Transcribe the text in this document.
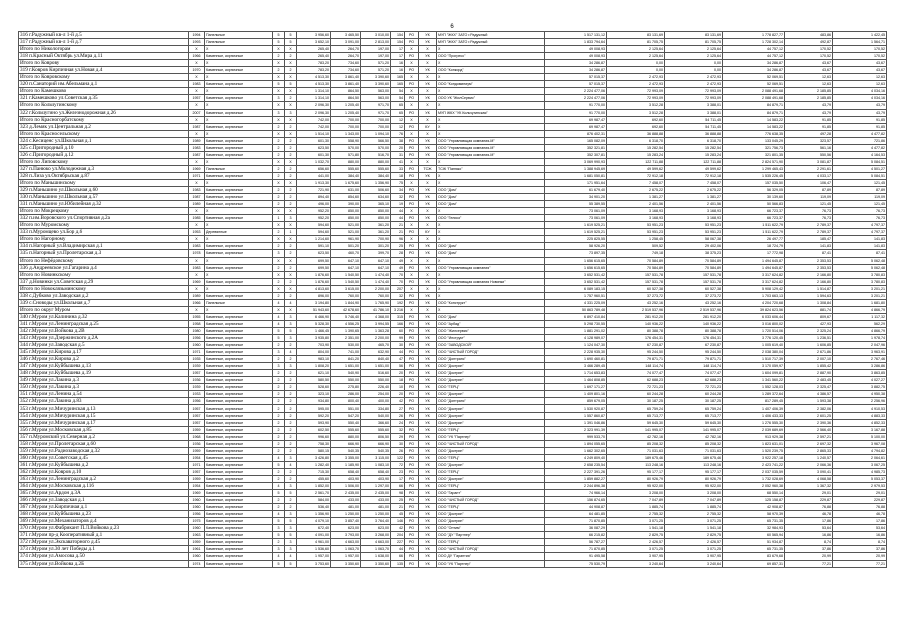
6
316 г.Радужный кв-л 1-й д.5	1994	Панельные	5	5	3 956,60	3 465,50	3 010,00	154	РО	УК	МУП "ЖКХ" ЗАТО г.Радужный	1 517 131,12	83 131,69	83 131,69	1 778 827,77	483,86	1 422,45
317 г.Радужный кв-л 1-й д.7	1993	Панельные	5	5	3 652,10	3 091,00	2 813,00	154	РО	УК	МУП "ЖКХ" ЗАТО г.Радужный	1 833 794,64	81 705,75	81 705,75	1 728 302,14	492,87	1 564,71
Итого по Никологорам	X	X	X	X	265,40	264,70	197,00	17	X	X	X	49 008,93	2 125,64	2 125,64	44 757,12	170,52	170,52
318 п.Красный Октябрь ул.Мира д.11	1966	Каменные, кирпичные	2	2	265,40	264,70	197,00	17	РО	УК	ООО "Прогресс"	49 008,93	2 125,64	2 125,64	44 757,12	170,52	170,52
Итого по Коврову	X	X	X	X	783,20	734,60	571,20	16	X	X	X	34 286,87	0,00	0,00	34 286,87	43,67	43,67
319 г.Ковров Кирпичная ул.Новая д.4	1970	Каменные, кирпичные	2	2	783,20	734,60	571,20	16	РО	УК	ООО "Конкорд"	34 286,87	0,00	0,00	34 286,87	43,67	43,67
Итого по Ковровскому	X	X	X	X	4 513,30	3 861,40	3 390,60	165	X	X	X	57 015,37	2 472,93	2 472,93	52 069,51	12,63	12,63
320 п.Санаторий им.Абельмана д.1	1983	Каменные, кирпичные	5	5	4 513,30	3 861,40	3 390,60	165	РО	УК	ООО "Кондоминиум"	57 015,37	2 472,93	2 472,93	52 069,51	12,63	12,63
Итого по Камешково	X	X	X	X	1 314,10	864,50	563,00	54	X	X	X	2 224 477,06	72 993,09	72 993,09	2 088 491,68	2 185,85	4 034,16
321 г.Камешково ул.Советская д.35	1957	Каменные, кирпичные	3	2	1 314,10	864,50	563,00	54	РО	УК	ООО УК "ЖилСервис"	2 224 477,06	72 993,09	72 993,09	2 088 491,68	2 185,85	4 034,16
Итого по Кольчугинскому	X	X	X	X	2 096,30	1 205,40	971,70	65	X	X	X	91 770,00	3 512,28	3 388,01	84 879,71	43,79	43,79
322 г.Кольчугино ул.Железнодорожная д.26	2007	Каменные, кирпичные	3	3	2 096,30	1 205,40	971,70	65	РО	УК	МУП ЖКХ "УК Кольчугинская"	91 770,00	3 512,28	3 388,01	84 879,71	43,79	43,79
Итого по Красногорбатскому	X	X	X	X	742,00	700,00	700,00	12	X	X	X	69 987,47	692,60	54 711,45	14 583,22	91,85	91,85
323 д.Лемяк ул.Центральная д.2	1987	Каменные, кирпичные	2	2	742,00	700,00	700,00	12	РО	КУ	X	69 987,47	692,60	54 711,45	14 583,22	91,85	91,85
Итого по Красносельскому	X	X	X	X	1 514,10	1 343,00	1 094,10	76	X	X	X	876 402,31	36 888,88	36 888,88	776 638,35	497,28	4 477,82
324 с.Кесиценс ул.Школьная д.1	1989	Каменные, кирпичные	2	2	601,30	558,90	566,50	38	РО	УК	ООО "Управляющая компания-М"	165 082,09	6 318,70	6 318,70	133 045,29	323,57	721,86
325 с.Пригородный д.10	1983	Каменные, кирпичные	2	2	623,50	570,00	570,00	20	РО	УК	ООО "Управляющая компания-М"	352 321,81	15 282,54	15 282,54	321 756,73	561,16	4 477,82
326 с.Пригородный д.12	1987	Каменные, кирпичные	2	2	601,30	571,80	516,70	31	РО	УК	ООО "Управляющая компания-М"	352 307,81	15 283,24	15 283,24	321 801,35	550,56	4 164,53
Итого по Липовскому	X	X	X	X	1 032,70	880,00	880,00	41	X	X	X	3 069 990,93	122 711,88	122 711,88	2 824 571,90	3 081,87	5 084,51
327 п.Панюко ул.Молодежная д.3	1969	Панельные	2	2	656,60	555,60	555,60	33	РО	ТСЖ	ТСЖ "Панюко"	1 388 945,69	49 599,62	49 599,62	1 299 465,43	2 291,61	4 501,27
328 п.Лиза ул.Октябрьская д.87	1971	Каменные, кирпичные	2	2	441,00	384,40	384,40	18	РО	УК	X	1 681 050,81	72 912,18	72 912,18	1 535 226,45	4 033,17	5 084,51
Итого по Маньшинскому	X	X	X	X	1 913,30	1 675,60	1 356,90	75	X	X	X	171 951,64	7 458,07	7 458,07	157 035,50	106,47	121,45
329 п.Маньшино ул.Школьная д.60	1983	Каменные, кирпичные	2	2	721,90	631,00	506,60	34	РО	УК	ООО "Дом"	61 679,40	2 675,22	2 675,22	56 329,05	87,89	87,89
330 п.Маньшино ул.Школьная д.57	1987	Каменные, кирпичные	2	2	894,40	854,60	634,60	32	РО	УК	ООО "Дом"	34 901,20	1 381,27	1 381,27	30 139,60	119,09	119,09
331 п.Маньшино ул.Юбилейная д.32	1989	Каменные, кирпичные	2	2	496,00	390,00	365,10	19	РО	УК	ООО "Дом"	55 389,55	2 401,56	2 401,56	50 566,83	121,45	121,45
Итого по Мокрецкому	X	X	X	X	952,20	850,00	850,00	44	X	X	X	73 061,09	3 168,93	3 168,93	66 723,37	76,73	76,73
332 п.им.Воровского ул.Спортивная д.2а	1985	Каменные, кирпичные	1	3	952,20	850,00	850,00	44	РО	УК	ООО "Гелиоз"	73 061,09	3 168,93	3 168,93	66 723,37	76,73	76,73
Итого по Муромскому	X	X	X	X	594,60	521,00	361,20	21	X	X	X	1 619 525,21	53 951,23	53 951,23	1 511 622,79	2 789,37	4 797,37
333 п.Муромцево ул.Бор д.6	1953	Деревянные	2	1	594,60	521,00	361,20	21	РО	КУ	X	1 619 525,21	53 951,23	53 951,23	1 511 622,79	2 789,37	4 797,37
Итого по Нагорному	X	X	X	X	1 214,60	961,90	700,90	96	X	X	X	225 825,55	1 258,45	58 067,38	26 497,77	185,47	141,83
334 п.Нагорный ул.Владимирская д.1	1983	Каменные, кирпичные	2	2	591,10	501,20	301,20	25	РО	УК	ООО "Дом"	58 926,20	509,52	29 402,06	18 724,79	141,83	141,83
335 п.Нагорный ул.Пролетарская д.3	1978	Каменные, кирпичные	3	2	623,50	460,70	399,70	28	РО	УК	ООО "Дом"	73 897,35	749,18	38 375,23	17 772,98	87,41	87,41
Итого по Нефёдовскому	X	X	X	X	699,50	647,10	647,10	49	X	X	X	1 656 615,65	70 584,89	70 584,89	1 494 645,87	2 353,53	5 062,48
336 д.Андреевское ул.Гагарина д.4	1983	Каменные, кирпичные	2	2	699,50	647,10	647,10	49	РО	УК	ООО "Управляющая компания"	1 656 615,65	70 584,89	70 584,89	1 494 645,87	2 353,53	5 062,48
Итого по Новинкскому	X	X	X	X	1 876,60	1 540,50	1 474,40	70	X	X	X	3 652 531,42	157 531,78	157 531,78	3 317 624,82	2 166,80	3 780,83
337 д.Новинки ул.Советская д.29	1969	Каменные, кирпичные	2	2	1 876,60	1 540,50	1 474,40	70	РО	УК	ООО "Управляющая компания Новинки"	3 652 531,42	157 531,78	157 531,78	3 317 624,82	2 166,80	3 780,83
Итого по Новоклязьминскому	X	X	X	X	4 813,60	3 615,00	2 200,00	207	X	X	X	6 089 183,15	60 527,38	60 527,38	5 908 129,42	1 514,87	3 201,21
338 с.Дубково ул.Заводская д.2	1989	Каменные, кирпичные	2	2	896,00	760,00	760,00	32	РО	УК	X	1 757 960,51	37 273,72	37 273,72	1 703 663,13	1 594,63	3 201,21
339 с.Сноводы ул.Школьная д.7	1966	Панельные	4	4	3 194,80	1 844,90	1 765,90	192	РО	УК	ООО "Конструкт"	4 331 225,09	43 252,16	43 252,16	4 204 720,68	1 308,84	1 681,80
Итого по округ Муром	X	X	X	X	51 943,60	42 678,60	41 786,10	3 216	X	X	X	50 863 789,48	2 519 537,96	2 519 537,96	39 824 623,56	881,74	4 866,79
340 г.Муром ул.Калинина д.32	1955	Каменные, кирпичные	4	3	6 466,90	5 746,40	4 368,00	315	РО	УК	ООО "Дом"	6 897 410,84	281 912,20	281 912,20	6 033 606,44	809,67	1 117,32
341 г.Муром ул.Ленинградская д.25	1958	Каменные, кирпичные	4	3	5 328,30	4 556,25	3 994,55	166	РО	УК	ООО "Арбад"	5 298 730,55	140 936,22	140 936,22	3 016 800,02	427,93	562,29
342 г.Муром ул.Войкова д.2В	1980	Каменные, кирпичные	5	5	1 466,45	1 390,65	1 363,28	60	РО	УК	ООО "Жилсервис"	1 881 291,02	80 388,78	80 388,78	1 720 514,06	2 325,24	4 866,79
343 г.Муром ул.Дзержинского д.2А	1956	Каменные, кирпичные	5	3	3 935,80	2 351,00	2 200,00	99	РО	УК	ООО "Инструкт"	4 128 989,07	176 454,31	176 454,31	3 776 120,45	1 236,51	1 978,74
344 г.Муром ул.Заводская д.5	1960	Каменные, кирпичные	2	2	703,90	530,00	465,70	30	РО	УК	ООО "ЗАВОДСКОЙ"	1 124 047,30	67 230,87	67 230,87	1 005 619,40	1 606,85	2 047,96
345 г.Муром ул.Кирова д.17	1971	Каменные, кирпичные	3	4	804,00	741,00	632,90	44	РО	УК	ООО "ЧИСТЫЙ ГОРОД"	2 228 935,30	95 244,50	95 244,50	2 038 380,04	2 671,86	3 963,91
346 г.Муром ул.Кирова д.2	1935	Каменные, кирпичные	2	2	983,10	841,20	840,40	47	РО	УК	ООО "Донтранс"	1 690 460,81	79 871,71	79 871,71	1 510 717,39	2 007,10	2 767,46
347 г.Муром ул.Куйбышева д.13	1939	Каменные, кирпичные	3	3	1 808,20	1 651,00	1 651,00	56	РО	УК	ООО "Доктрин"	3 466 289,45	148 114,74	148 114,74	3 170 059,97	1 855,42	3 286,86
348 г.Муром ул.Куйбышева д.19	1957	Каменные, кирпичные	2	2	621,10	540,90	516,60	20	РО	УК	ООО "Доктрин"	1 714 653,83	74 077,47	74 077,47	1 604 099,81	2 887,90	3 863,85
349 г.Муром ул.Лакина д.3	1936	Каменные, кирпичные	2	2	580,50	550,00	550,00	18	РО	УК	ООО "Доктрин"	1 464 808,85	62 688,23	62 688,23	1 341 560,22	2 483,45	4 027,27
350 г.Муром ул.Лакина д.3	1939	Каменные, кирпичные	2	2	528,60	275,80	226,40	10	РО	УК	ООО "ГЕРЦ"	1 697 171,27	72 721,23	72 721,23	1 552 128,03	2 325,47	3 882,75
351 г.Муром ул.Ленина д.54	1933	Каменные, кирпичные	2	2	323,10	286,00	254,00	20	РО	УК	ООО "Доктрин"	1 409 801,16	60 244,28	60 244,28	1 289 372,64	4 386,57	4 950,38
352 г.Муром ул.Лакина д.83	1956	Каменные, кирпичные	2	2	934,80	800,40	400,00	42	РО	УК	ООО "Донтранс"	859 679,05	30 187,25	30 187,25	817 289,45	1 593,38	2 256,96
353 г.Муром ул.Мичуринская д.13	1957	Каменные, кирпичные	2	2	595,00	551,00	334,80	27	РО	УК	ООО "Доктрин"	1 530 920,87	65 759,24	65 759,24	1 407 406,39	2 382,06	4 910,53
354 г.Муром ул.Мичуринская д.15	1957	Каменные, кирпичные	2	2	592,20	547,20	540,00	26	РО	УК	ООО "Доктрин"	1 557 860,87	65 713,77	65 713,77	1 406 433,33	2 601,25	4 883,33
355 г.Муром ул.Мичуринская д.17	1957	Каменные, кирпичные	2	2	593,90	550,40	366,60	24	РО	УК	ООО "Доктрин"	1 391 046,86	59 645,30	59 645,30	1 276 555,30	2 390,36	4 852,33
356 г.Муром ул.Московская д.85	1959	Каменные, кирпичные	2	2	602,50	555,60	555,60	32	РО	УК	ООО "ГЕРЦ"	2 323 991,39	141 995,07	141 995,07	2 039 689,69	2 566,40	3 167,88
357 п.Муромский ул.Северная д.2	1968	Каменные, кирпичные	2	2	996,60	880,00	806,50	29	РО	УК	ООО "УК "Партнер"	999 533,70	42 782,16	42 782,16	913 929,38	2 597,21	5 100,00
358 г.Муром ул.Пролетарская д.60	1936	Каменные, кирпичные	2	2	758,30	666,90	666,90	30	РО	УК	ООО "ЧИСТЫЙ ГОРОД"	1 894 055,65	85 208,32	85 208,32	1 823 631,01	2 697,32	3 967,08
359 г.Муром ул.Радиозаводская д.32	1959	Каменные, кирпичные	2	2	580,15	540,35	540,35	26	РО	УК	ООО "Доктрин"	1 662 302,65	71 031,63	71 031,63	1 520 239,75	2 865,33	4 794,82
360 г.Муром ул.Советская д.45	1954	Каменные, кирпичные	4	3	3 426,80	3 355,00	3 115,00	122	РО	УК	ООО "ГЕРЦ"	4 249 809,40	189 675,46	189 675,46	3 922 257,18	1 240,57	2 064,61
361 г.Муром ул.Куйбышева д.2	1971	Каменные, кирпичные	5	4	1 282,40	1 185,90	1 083,10	72	РО	УК	ООО "Доктрин"	2 658 235,54	113 248,16	113 248,16	2 423 741,22	2 066,36	3 067,25
362 г.Муром ул.Ковров д.10	1957	Каменные, кирпичные	2	2	715,30	658,40	658,40	23	РО	УК	ООО "ГЕРЦ"	2 227 391,26	95 177,17	95 177,17	2 037 035,59	3 090,41	4 985,73
363 г.Муром ул.Ленинградская д.2	1959	Каменные, кирпичные	2	2	455,60	403,90	403,90	17	РО	УК	ООО "Доктрин"	1 859 882,27	80 926,79	80 926,79	1 732 028,69	4 068,58	5 053,37
364 г.Муром ул.Московская д.116	1954	Каменные, кирпичные	4	3	1 852,00	1 506,00	1 297,00	66	РО	УК	ООО "ГЕРЦ"	2 244 896,38	95 922,00	95 922,00	2 052 960,38	1 367,32	2 979,53
365 г.Муром ул.Ардон д.3А	1969	Каменные, кирпичные	5	5	2 561,70	2 435,00	2 435,00	98	РО	УК	ООО "Гарант"	74 966,14	3 208,00	3 208,00	68 550,14	29,01	29,01
366 г.Муром ул.Заводская д.1	1960	Каменные, кирпичные	2	2	584,00	433,00	433,00	25	РО	УК	ООО "ЧИСТЫЙ ГОРОД"	156 874,65	7 047,89	7 047,89	125 158,87	229,87	229,87
367 г.Муром ул.Кирпичная д.1	1960	Каменные, кирпичные	2	2	536,40	481,00	481,00	21	РО	УК	ООО "ГЕРЦ"	44 908,87	1 885,74	1 885,74	42 908,87	76,88	76,88
368 г.Муром ул.Куйбышева д.23	1956	Каменные, кирпичные	4	3	1 356,90	1 250,00	1 250,00	45	РО	УК	ООО "Доктрин"	64 481,85	2 755,32	2 755,32	58 970,39	46,78	46,78
369 г.Муром ул.Механизаторов д.4	1975	Каменные, кирпичные	5	5	4 079,10	3 857,40	3 764,40	146	РО	УК	ООО "Доктрин"	71 870,85	3 071,25	3 071,25	65 731,35	17,86	17,86
370 г.Муром ул.Фабрикант П.Л.Войкова д.23	1960	Каменные, кирпичные	3	3	672,40	623,00	623,00	42	РО	УК	ООО "Оптим"	36 087,29	1 541,18	1 541,18	32 984,93	53,64	53,64
371 г.Муром пр-д Кооперативный д.1	1963	Каменные, кирпичные	5	5	4 091,00	3 793,00	3 268,00	204	РО	УК	ООО "ДУ "Партнер"	66 215,82	2 829,75	2 829,75	60 565,94	16,86	16,86
372 г.Муром ул.Экскаваторного д.45	1959	Каменные, кирпичные	2	3	4 961,00	4 663,00	4 663,00	227	РО	УК	ООО "ГЕРЦ"	56 787,27	2 426,57	2 426,57	51 934,87	8,74	8,74
373 г.Муром ул.30 лет Победы д.1	1961	Каменные, кирпичные	3	3	1 536,60	1 063,70	1 063,70	44	РО	УК	ООО "ЧИСТЫЙ ГОРОД"	71 870,85	3 071,25	3 071,25	65 731,35	37,86	37,86
374 г.Муром ул.Амосова д.50	1960	Каменные, кирпичные	4	4	1 957,00	1 957,00	1 638,00	66	РО	УК	ООО ДУ "Гарантия"	91 495,58	3 907,95	3 907,95	83 679,68	20,99	20,99
375 г.Муром ул.Войкова д.2Б	1974	Каменные, кирпичные	5	5	3 753,60	3 350,60	3 350,60	135	РО	УК	ООО "УК "Партнер"	75 530,79	3 240,64	3 240,64	69 857,31	77,21	77,21
